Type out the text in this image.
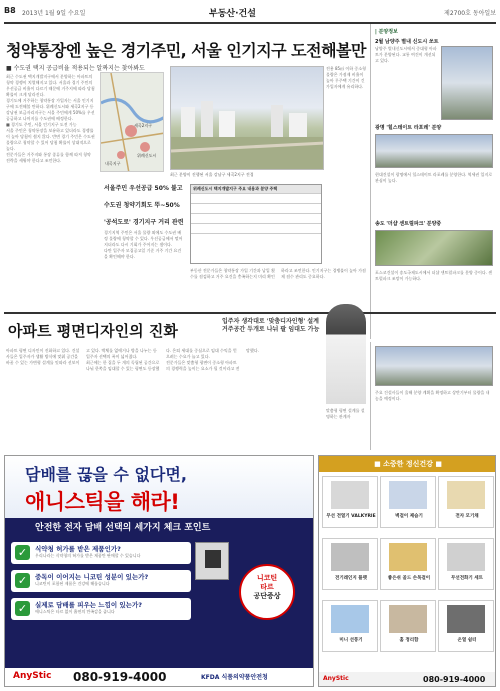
B8 2013년 1월 9일 수요일	부동산·건설	제2700호 동아일보
청약통장엔 높은 경기주민, 서울 인기지구 도전해볼만
■ 수도권 택지 공급비율 적용되는 알짜지는 찾아봐도
최근 수도권 택지개발지구에서 분양하는 아파트의 청약 경쟁이 치열해지고 있다. 서울과 경기 주민의 우선공급 비율이 다르기 때문에 거주지에 따라 당첨 확률이 크게 달라진다.
경기도에 거주하는 청약통장 가입자는 서울 인기지구에 도전해볼 만하다. 위례신도시와 세곡2지구 등 강남권 보금자리지구는 서울 주민에게 50%를 우선 공급하고 나머지를 수도권에 배정한다.
■ 경기도 주민, 서울 인기지구 도전 가능
서울 주민은 청약통장을 보유하고 있더라도 경쟁률이 높아 당첨이 쉽지 않다. 반면 경기 주민은 수도권 물량으로 청약할 수 있어 당첨 확률이 상대적으로 높다.
전문가들은 거주지와 통장 종류를 함께 따져 청약 전략을 세워야 한다고 조언한다.
세곡2지구
위례신도시
내곡지구
최근 분양이 진행된 서울 강남구 세곡2지구 전경
서울주민 우선공급 50% 불고
수도권 청약기회도 뚜~50%
'공석도로' 경기지구 거리 관련
경기지역 주민은 서울 물량 외에도 수도권 배정 물량에 청약할 수 있다. 우선공급에서 떨어지더라도 다시 기회가 주어지는 셈이다.
다만 입주자 모집공고일 기준 거주 기간 요건을 확인해야 한다.
위례신도시 택지개발지구 주요 내용과 분양 주택
부동산 전문가들은 청약통장 가입 기간과 납입 횟수를 점검하고 거주 요건을 충족하는지 미리 확인하라고 조언한다. 인기지구는 경쟁률이 높아 가점제 점수 관리도 중요하다.
전용 85㎡ 이하 중소형 물량은 가점제 비율이 높아 무주택 기간이 긴 가입자에게 유리하다.
| 분양정보
2월 남양주 별내 신도시 쏘트
남양주 별내신도시에서 중대형 아파트가 분양된다. 교통 여건이 개선되고 있다.
광명 '힐스테이트 라포레' 분양
현대건설이 광명에서 힐스테이트 라포레를 분양한다. 역세권 입지로 관심이 높다.
송도 '더샵 센트럴파크' 분양중
포스코건설이 송도국제도시에서 더샵 센트럴파크를 분양 중이다. 센트럴파크 조망이 가능하다.
아파트 평면디자인의 진화
입주자 생각대로 '맞춤디자인형' 설계
거주공간 두개로 나뉘 팔 임대도 가능
아파트 평면 디자인이 진화하고 있다. 건설사들은 입주자가 생활 방식에 맞춰 공간을 바꿀 수 있는 가변형 설계를 잇따라 선보이고 있다. 벽체를 없애거나 방을 나누는 등 입주자 선택의 폭이 넓어졌다.
최근에는 한 집을 두 개의 독립된 공간으로 나눠 한쪽을 임대할 수 있는 평면도 등장했다. 은퇴 세대를 중심으로 임대 수익을 얻으려는 수요가 늘고 있다.
전문가들은 맞춤형 평면이 중소형 아파트의 경쟁력을 높이는 요소가 될 것이라고 전망했다.
맞춤형 평면 설계를 설명하는 관계자
주요 건설사들이 올해 분양 계획을 확정하고 상반기부터 물량을 내놓을 예정이다.
담배를 끊을 수 없다면,
애니스틱을 해라!
안전한 전자 담배 선택의 세가지 체크 포인트
✓	식약청 허가를 받은 제품인가?
우리나라는 식약청의 허가를 받은 제품만 판매할 수 있습니다
✓	중독이 이어지는 니코틴 성분이 있는가?
니코틴이 포함된 제품은 건강에 해롭습니다
✓	실제로 담배를 피우는 느낌이 있는가?
애니스틱은 타르 없이 흡연의 만족감을 줍니다
니코틴
타르
공단증상
AnyStic 080-919-4000	KFDA 식품의약품안전청
■ 소중한 정신건강 ■
무선 전열기 VALKYRIE	벽걸이 제습기	전자 모기채
전기레인지 플랫	좋은쉬 골드 손목걸이	무선전화기 세트
미니 선풍기	홈 정리함	온열 쉼터
AnyStic	080-919-4000
